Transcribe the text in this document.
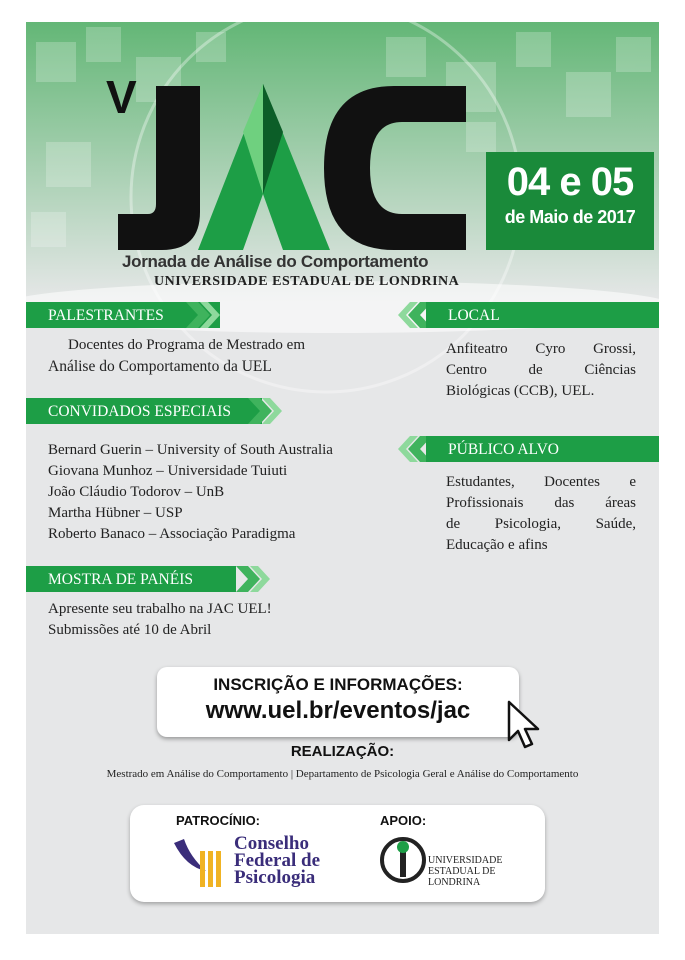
V
Jornada de Análise do Comportamento
UNIVERSIDADE ESTADUAL DE LONDRINA
04 e 05
de Maio de 2017
PALESTRANTES
Docentes do Programa de Mestrado em
Análise do Comportamento da UEL
CONVIDADOS ESPECIAIS
Bernard Guerin – University of South Australia
Giovana Munhoz – Universidade Tuiuti
João Cláudio Todorov – UnB
Martha Hübner – USP
Roberto Banaco – Associação Paradigma
MOSTRA DE PANÉIS
Apresente seu trabalho na JAC UEL!
Submissões até 10 de Abril
LOCAL

Anfiteatro Cyro Grossi,

Centro de Ciências

Biológicas (CCB), UEL.

PÚBLICO ALVO

Estudantes, Docentes e

Profissionais das áreas

de Psicologia, Saúde,

Educação e afins

INSCRIÇÃO E INFORMAÇÕES:
www.uel.br/eventos/jac
REALIZAÇÃO:
Mestrado em Análise do Comportamento | Departamento de Psicologia Geral e Análise do Comportamento
PATROCÍNIO:
Conselho
Federal de
Psicologia
APOIO:
UNIVERSIDADE
ESTADUAL DE LONDRINA
